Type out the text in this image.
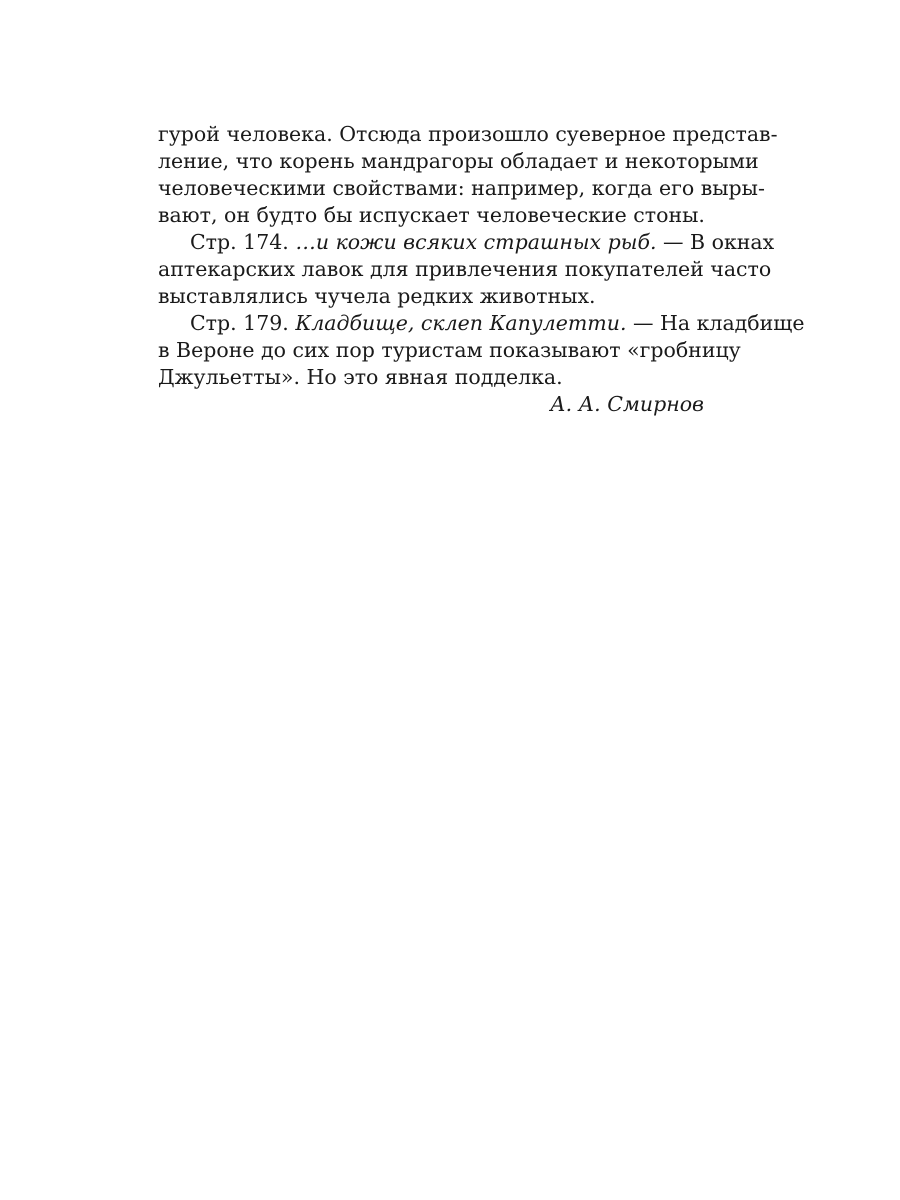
гурой человека. Отсюда произошло суеверное представ-
ление, что корень мандрагоры обладает и некоторыми
человеческими свойствами: например, когда его выры-
вают, он будто бы испускает человеческие стоны.
Стр. 174. …и кожи всяких страшных рыб. — В окнах
аптекарских лавок для привлечения покупателей часто
выставлялись чучела редких животных.
Стр. 179. Кладбище, склеп Капулетти. — На кладбище
в Вероне до сих пор туристам показывают «гробницу
Джульетты». Но это явная подделка.
А. А. Смирнов
